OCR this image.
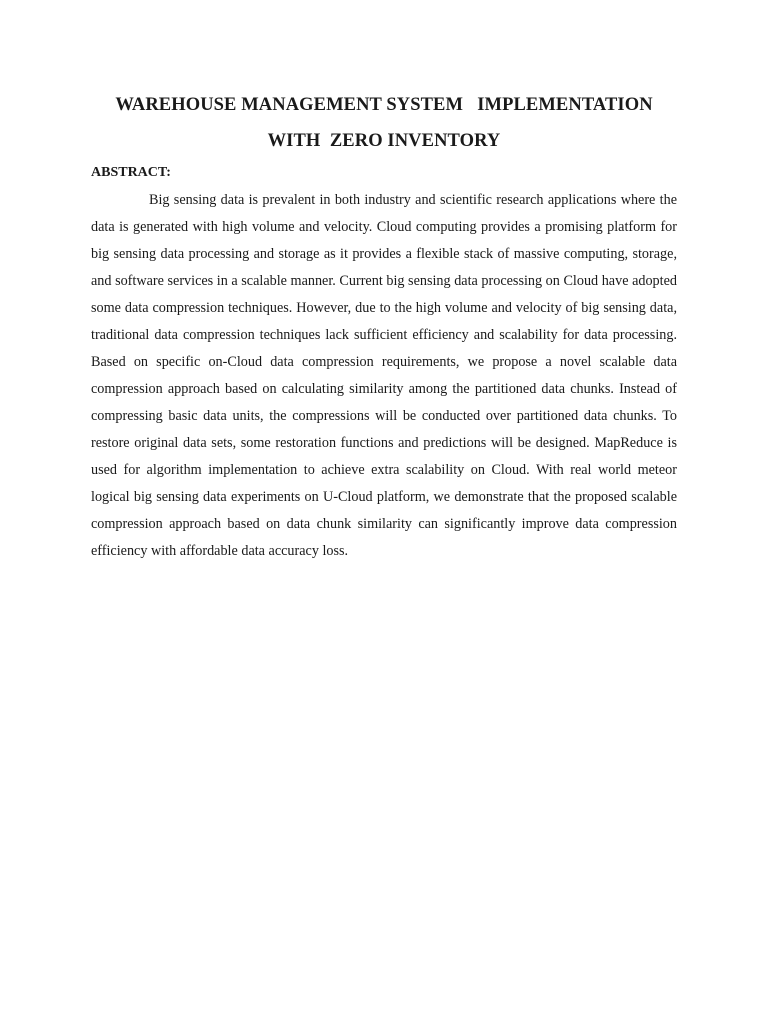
WAREHOUSE MANAGEMENT SYSTEM   IMPLEMENTATION
WITH  ZERO INVENTORY
ABSTRACT:

Big sensing data is prevalent in both industry and scientific research applications where the data is generated with high volume and velocity. Cloud computing provides a promising platform for big sensing data processing and storage as it provides a flexible stack of massive computing, storage, and software services in a scalable manner. Current big sensing data processing on Cloud have adopted some data compression techniques. However, due to the high volume and velocity of big sensing data, traditional data compression techniques lack sufficient efficiency and scalability for data processing. Based on specific on-Cloud data compression requirements, we propose a novel scalable data compression approach based on calculating similarity among the partitioned data chunks. Instead of compressing basic data units, the compressions will be conducted over partitioned data chunks. To restore original data sets, some restoration functions and predictions will be designed. MapReduce is used for algorithm implementation to achieve extra scalability on Cloud. With real world meteor logical big sensing data experiments on U-Cloud platform, we demonstrate that the proposed scalable compression approach based on data chunk similarity can significantly improve data compression efficiency with affordable data accuracy loss.
